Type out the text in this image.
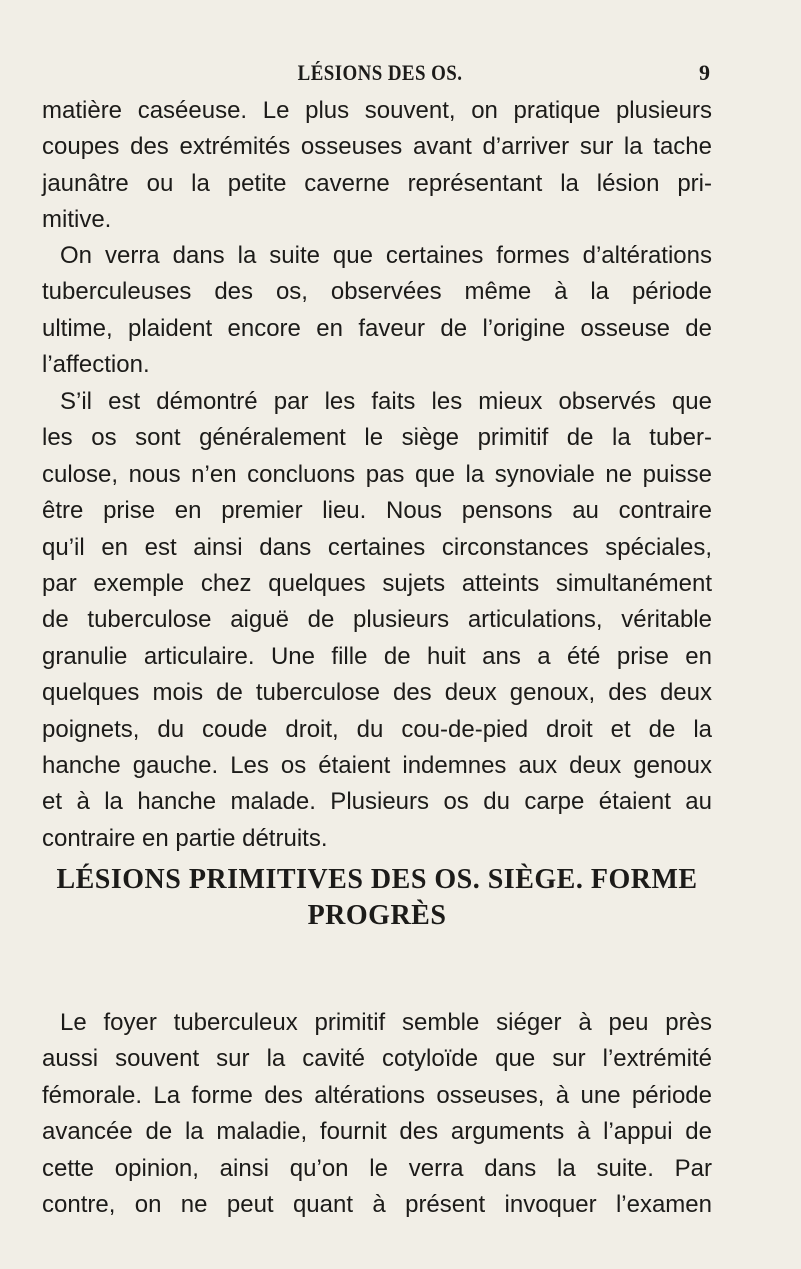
LÉSIONS DES OS.	9
matière caséeuse. Le plus souvent, on pratique plusieurs
coupes des extrémités osseuses avant d’arriver sur la tache
jaunâtre ou la petite caverne représentant la lésion pri-
mitive.
On verra dans la suite que certaines formes d’altérations
tuberculeuses des os, observées même à la période
ultime, plaident encore en faveur de l’origine osseuse de
l’affection.
S’il est démontré par les faits les mieux observés que
les os sont généralement le siège primitif de la tuber-
culose, nous n’en concluons pas que la synoviale ne puisse
être prise en premier lieu. Nous pensons au contraire
qu’il en est ainsi dans certaines circonstances spéciales,
par exemple chez quelques sujets atteints simultanément
de tuberculose aiguë de plusieurs articulations, véritable
granulie articulaire. Une fille de huit ans a été prise en
quelques mois de tuberculose des deux genoux, des deux
poignets, du coude droit, du cou-de-pied droit et de la
hanche gauche. Les os étaient indemnes aux deux genoux
et à la hanche malade. Plusieurs os du carpe étaient au
contraire en partie détruits.
LÉSIONS PRIMITIVES DES OS. SIÈGE. FORME
PROGRÈS
Le foyer tuberculeux primitif semble siéger à peu près
aussi souvent sur la cavité cotyloïde que sur l’extrémité
fémorale. La forme des altérations osseuses, à une période
avancée de la maladie, fournit des arguments à l’appui de
cette opinion, ainsi qu’on le verra dans la suite. Par
contre, on ne peut quant à présent invoquer l’examen
